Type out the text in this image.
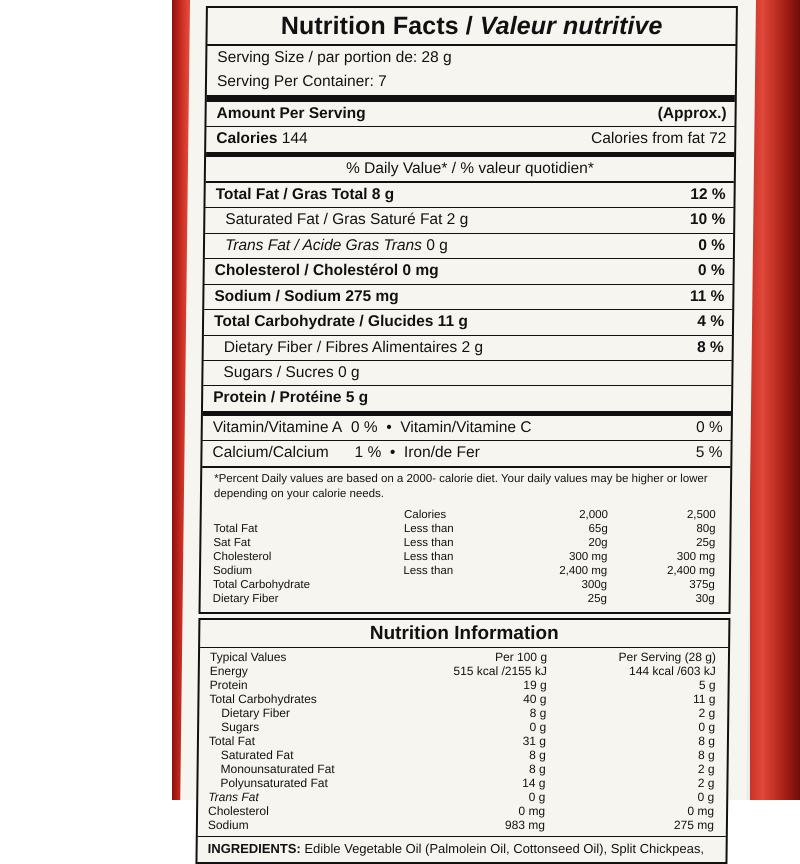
Nutrition Facts / Valeur nutritive
Serving Size / par portion de: 28 g
Serving Per Container: 7
Amount Per Serving	(Approx.)
Calories 144	Calories from fat 72
% Daily Value* / % valeur quotidien*
Total Fat / Gras Total 8 g	12 %
Saturated Fat / Gras Saturé Fat 2 g	10 %
Trans Fat / Acide Gras Trans 0 g	0 %
Cholesterol / Cholestérol 0 mg	0 %
Sodium / Sodium 275 mg	11 %
Total Carbohydrate / Glucides 11 g	4 %
Dietary Fiber / Fibres Alimentaires 2 g	8 %
Sugars / Sucres 0 g
Protein / Protéine 5 g
Vitamin/Vitamine A 0 %  •  Vitamin/Vitamine C	0 %
Calcium/Calcium 1 %  •  Iron/de Fer	5 %
*Percent Daily values are based on a 2000- calorie diet. Your daily values may be higher or lower depending on your calorie needs.
	Calories	2,000	2,500
Total Fat	Less than	65g	80g
Sat Fat	Less than	20g	25g
Cholesterol	Less than	300 mg	300 mg
Sodium	Less than	2,400 mg	2,400 mg
Total Carbohydrate		300g	375g
Dietary Fiber		25g	30g
Nutrition Information
Typical Values	Per 100 g	Per Serving (28 g)
Energy	515 kcal /2155 kJ	144 kcal /603 kJ
Protein	19 g	5 g
Total Carbohydrates	40 g	11 g
Dietary Fiber	8 g	2 g
Sugars	0 g	0 g
Total Fat	31 g	8 g
Saturated Fat	8 g	8 g
Monounsaturated Fat	8 g	2 g
Polyunsaturated Fat	14 g	2 g
Trans Fat	0 g	0 g
Cholesterol	0 mg	0 mg
Sodium	983 mg	275 mg
INGREDIENTS: Edible Vegetable Oil (Palmolein Oil, Cottonseed Oil), Split Chickpeas,
